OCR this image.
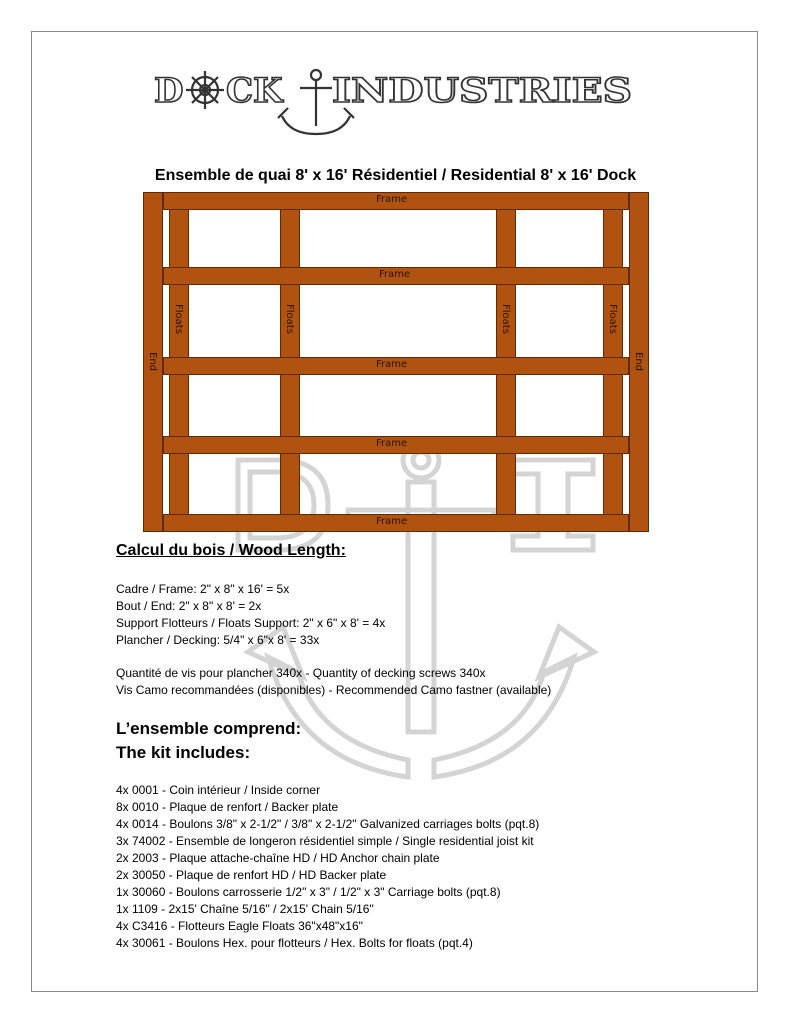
D CK INDUSTRIES
Ensemble de quai 8' x 16' Résidentiel / Residential 8' x 16' Dock
Frame
Frame
Frame
Frame
Frame
Floats	Floats	Floats	Floats
End	End
Calcul du bois / Wood Length:
Cadre / Frame: 2" x 8" x 16' = 5x
Bout / End: 2" x 8" x 8' = 2x
Support Flotteurs / Floats Support: 2" x 6" x 8' = 4x
Plancher / Decking: 5/4" x 6"x 8' = 33x
Quantité de vis pour plancher 340x - Quantity of decking screws 340x
Vis Camo recommandées (disponibles) - Recommended Camo fastner (available)
L’ensemble comprend:
The kit includes:
4x 0001 - Coin intérieur / Inside corner
8x 0010 - Plaque de renfort / Backer plate
4x 0014 - Boulons 3/8" x 2-1/2" / 3/8" x 2-1/2" Galvanized carriages bolts (pqt.8)
3x 74002 - Ensemble de longeron résidentiel simple / Single residential joist kit
2x 2003 - Plaque attache-chaîne HD / HD Anchor chain plate
2x 30050 - Plaque de renfort HD / HD Backer plate
1x 30060 - Boulons carrosserie 1/2" x 3" / 1/2" x 3" Carriage bolts (pqt.8)
1x 1109 - 2x15' Chaîne 5/16" / 2x15' Chain 5/16"
4x C3416 - Flotteurs Eagle Floats 36"x48"x16"
4x 30061 - Boulons Hex. pour flotteurs / Hex. Bolts for floats (pqt.4)
